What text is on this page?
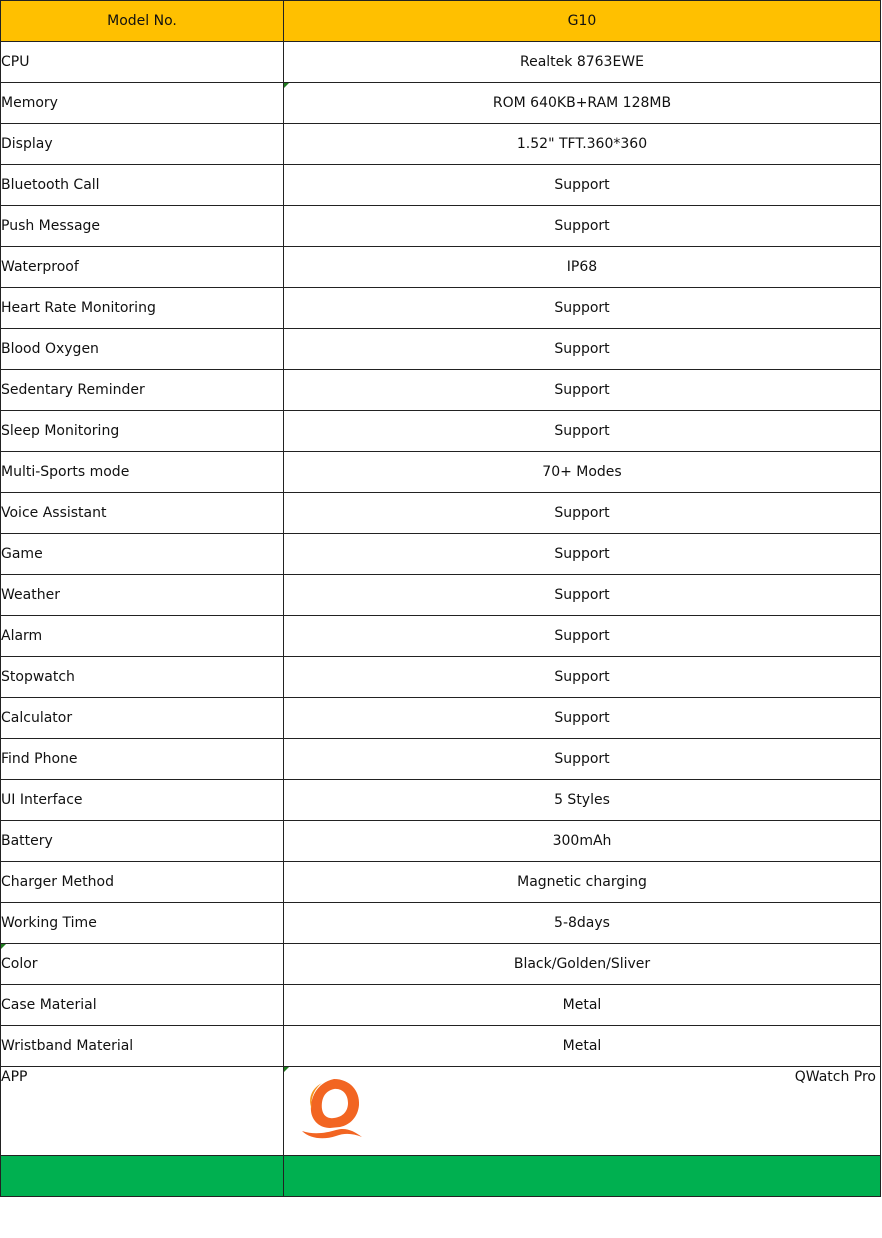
Model No.	G10
CPU	Realtek 8763EWE
Memory	ROM 640KB+RAM 128MB
Display	1.52" TFT.360*360
Bluetooth Call	Support
Push Message	Support
Waterproof	IP68
Heart Rate Monitoring	Support
Blood Oxygen	Support
Sedentary Reminder	Support
Sleep Monitoring	Support
Multi-Sports mode	70+ Modes
Voice Assistant	Support
Game	Support
Weather	Support
Alarm	Support
Stopwatch	Support
Calculator	Support
Find Phone	Support
UI Interface	5 Styles
Battery	300mAh
Charger Method	Magnetic charging
Working Time	5-8days

Color	Black/Golden/Sliver
Case Material	Metal
Wristband Material	Metal
APP	QWatch Pro
